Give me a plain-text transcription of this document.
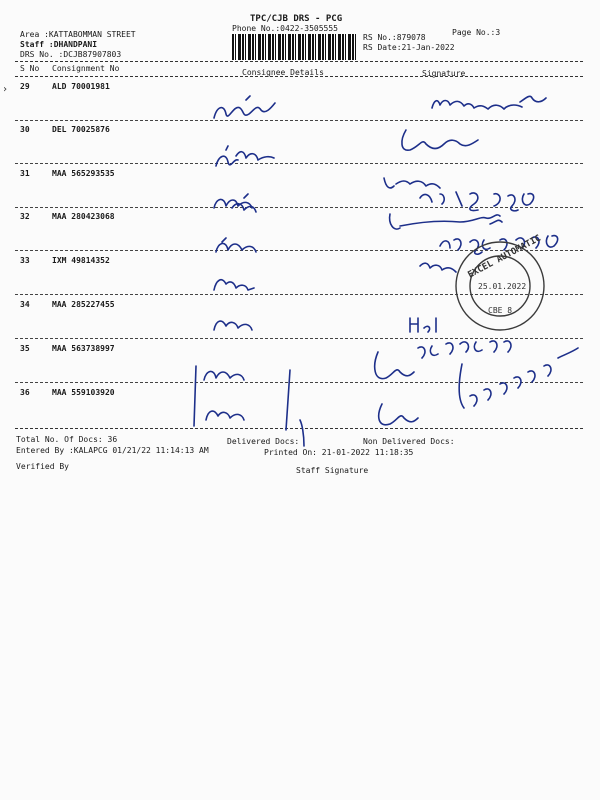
TPC/CJB DRS - PCG
Phone No.:0422-3505555	Page No.:3
Area :KATTABOMMAN STREET
Staff :DHANDPANI
DRS No. :DCJB87907803
RS No.:879078
RS Date:21-Jan-2022
S No Consignment No	Consignee Details	Signature
› 29	ALD 70001981
30	DEL 70025876
31	MAA 565293535
32	MAA 280423068
33	IXM 49814352
34	MAA 285227455
35	MAA 563738997
36	MAA 559103920
EXCEL AUTOMATIC
25.01.2022
CBE 8
Total No. Of Docs: 36	Delivered Docs:	Non Delivered Docs:
Entered By :KALAPCG 01/21/22 11:14:13 AM	Printed On: 21-01-2022 11:18:35
Verified By	Staff Signature
